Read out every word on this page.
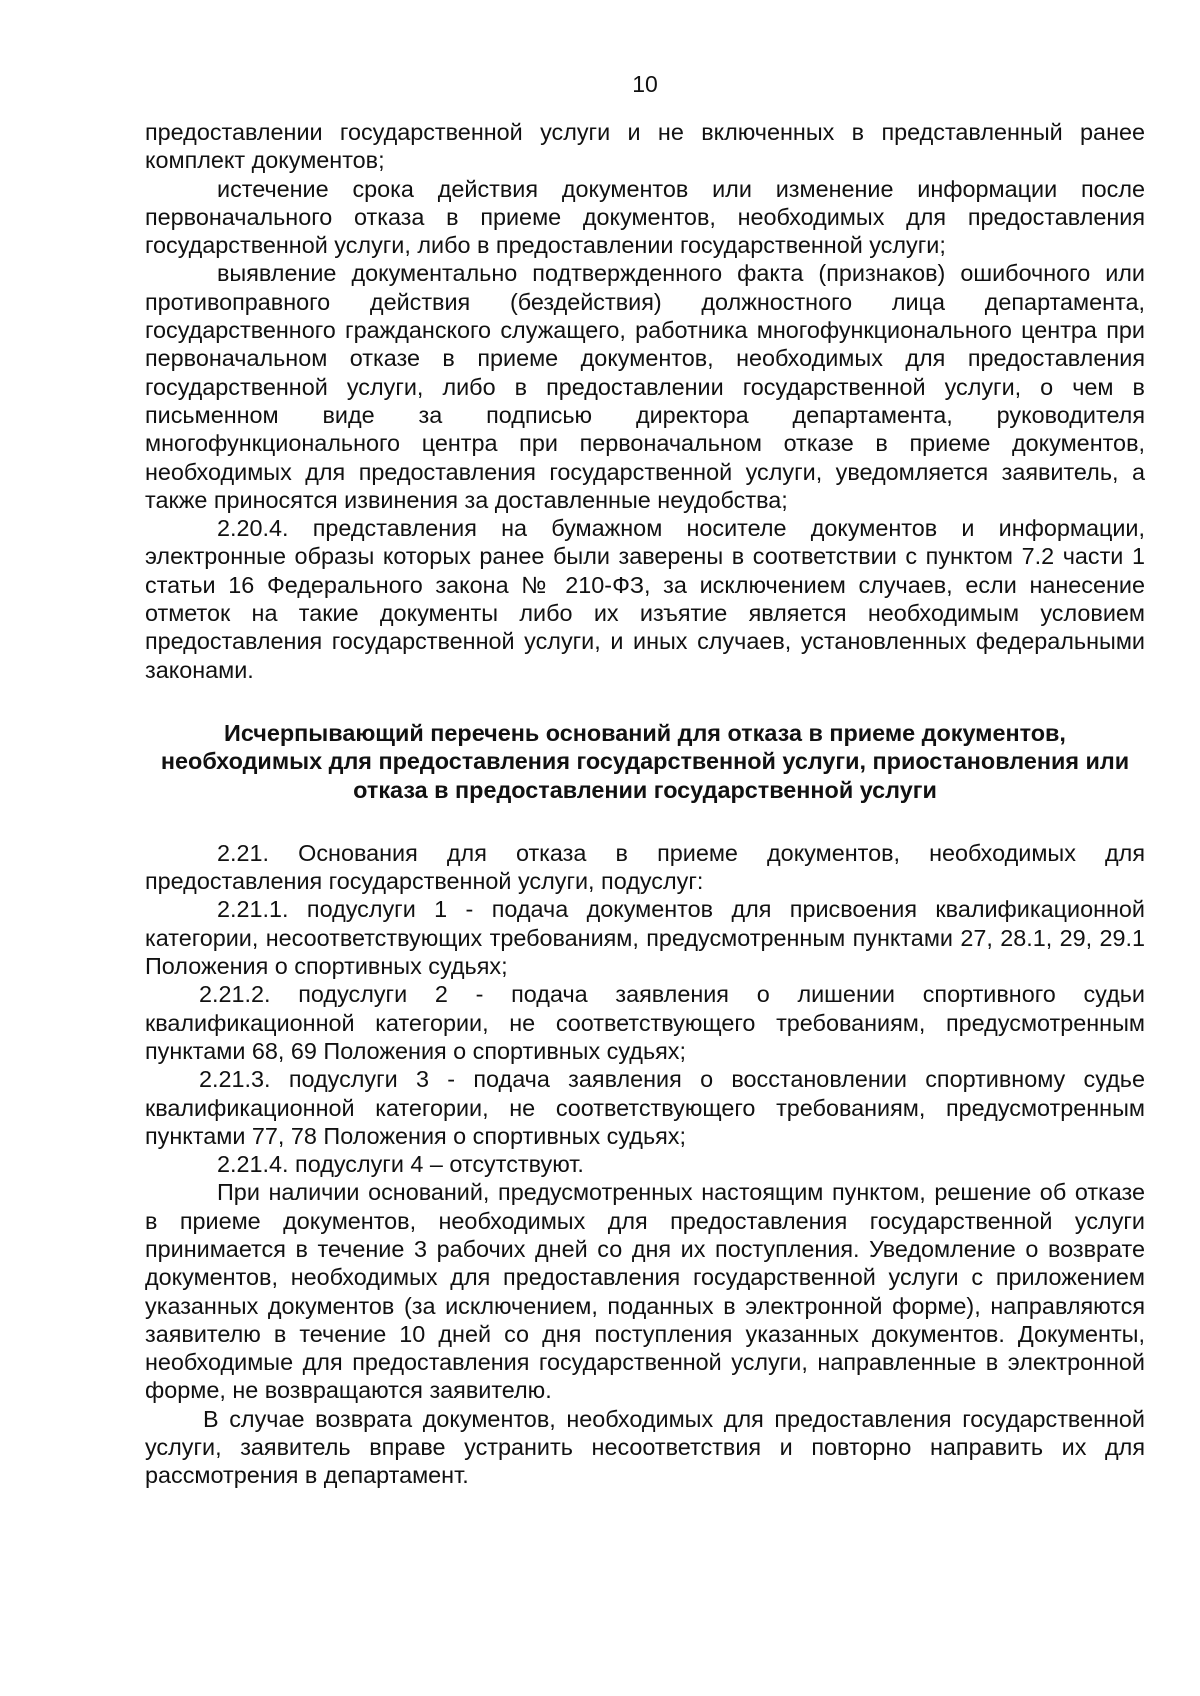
10

предоставлении государственной услуги и не включенных в представленный ранее комплект документов;

истечение срока действия документов или изменение информации после первоначального отказа в приеме документов, необходимых для предоставления государственной услуги, либо в предоставлении государственной услуги;

выявление документально подтвержденного факта (признаков) ошибочного или противоправного действия (бездействия) должностного лица департамента, государственного гражданского служащего, работника многофункционального центра при первоначальном отказе в приеме документов, необходимых для предоставления государственной услуги, либо в предоставлении государственной услуги, о чем в письменном виде за подписью директора департамента, руководителя многофункционального центра при первоначальном отказе в приеме документов, необходимых для предоставления государственной услуги, уведомляется заявитель, а также приносятся извинения за доставленные неудобства;

2.20.4. представления на бумажном носителе документов и информации, электронные образы которых ранее были заверены в соответствии с пунктом 7.2 части 1 статьи 16 Федерального закона № 210-ФЗ, за исключением случаев, если нанесение отметок на такие документы либо их изъятие является необходимым условием предоставления государственной услуги, и иных случаев, установленных федеральными законами.

Исчерпывающий перечень оснований для отказа в приеме документов, необходимых для предоставления государственной услуги, приостановления или отказа в предоставлении государственной услуги

2.21. Основания для отказа в приеме документов, необходимых для предоставления государственной услуги, подуслуг:

2.21.1. подуслуги 1 - подача документов для присвоения квалификационной категории, несоответствующих требованиям, предусмотренным пунктами 27, 28.1, 29, 29.1 Положения о спортивных судьях;

2.21.2. подуслуги 2 - подача заявления о лишении спортивного судьи квалификационной категории, не соответствующего требованиям, предусмотренным пунктами 68, 69 Положения о спортивных судьях;

2.21.3. подуслуги 3 - подача заявления о восстановлении спортивному судье квалификационной категории, не соответствующего требованиям, предусмотренным пунктами 77, 78 Положения о спортивных судьях;

2.21.4. подуслуги 4 – отсутствуют.

При наличии оснований, предусмотренных настоящим пунктом, решение об отказе в приеме документов, необходимых для предоставления государственной услуги принимается в течение 3 рабочих дней со дня их поступления. Уведомление о возврате документов, необходимых для предоставления государственной услуги с приложением указанных документов (за исключением, поданных в электронной форме), направляются заявителю в течение 10 дней со дня поступления указанных документов. Документы, необходимые для предоставления государственной услуги, направленные в электронной форме, не возвращаются заявителю.

В случае возврата документов, необходимых для предоставления государственной услуги, заявитель вправе устранить несоответствия и повторно направить их для рассмотрения в департамент.
